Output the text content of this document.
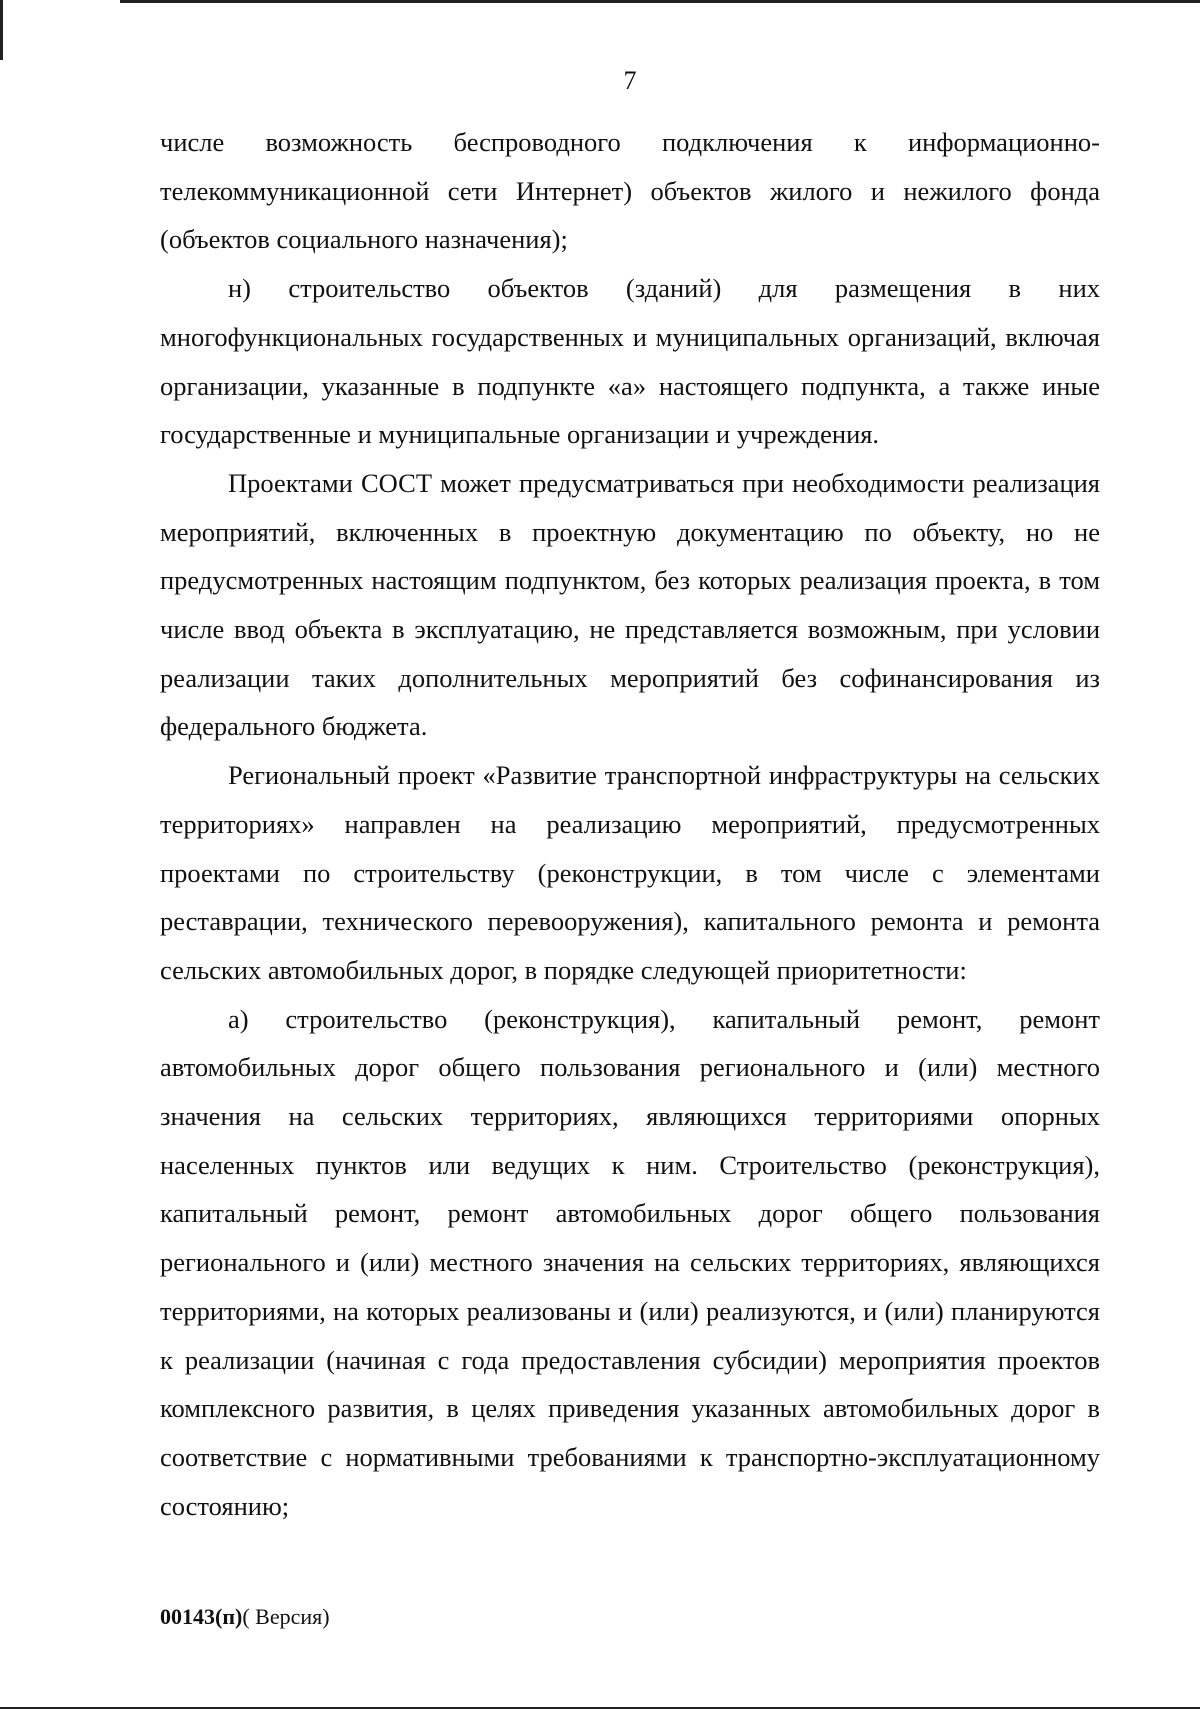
7

числе возможность беспроводного подключения к информационно-телекоммуникационной сети Интернет) объектов жилого и нежилого фонда (объектов социального назначения);

н) строительство объектов (зданий) для размещения в них многофункциональных государственных и муниципальных организаций, включая организации, указанные в подпункте «а» настоящего подпункта, а также иные государственные и муниципальные организации и учреждения.

Проектами СОСТ может предусматриваться при необходимости реализация мероприятий, включенных в проектную документацию по объекту, но не предусмотренных настоящим подпунктом, без которых реализация проекта, в том числе ввод объекта в эксплуатацию, не представляется возможным, при условии реализации таких дополнительных мероприятий без софинансирования из федерального бюджета.

Региональный проект «Развитие транспортной инфраструктуры на сельских территориях» направлен на реализацию мероприятий, предусмотренных проектами по строительству (реконструкции, в том числе с элементами реставрации, технического перевооружения), капитального ремонта и ремонта сельских автомобильных дорог, в порядке следующей приоритетности:

а) строительство (реконструкция), капитальный ремонт, ремонт автомобильных дорог общего пользования регионального и (или) местного значения на сельских территориях, являющихся территориями опорных населенных пунктов или ведущих к ним. Строительство (реконструкция), капитальный ремонт, ремонт автомобильных дорог общего пользования регионального и (или) местного значения на сельских территориях, являющихся территориями, на которых реализованы и (или) реализуются, и (или) планируются к реализации (начиная с года предоставления субсидии) мероприятия проектов комплексного развития, в целях приведения указанных автомобильных дорог в соответствие с нормативными требованиями к транспортно-эксплуатационному состоянию;

00143(п)( Версия)
